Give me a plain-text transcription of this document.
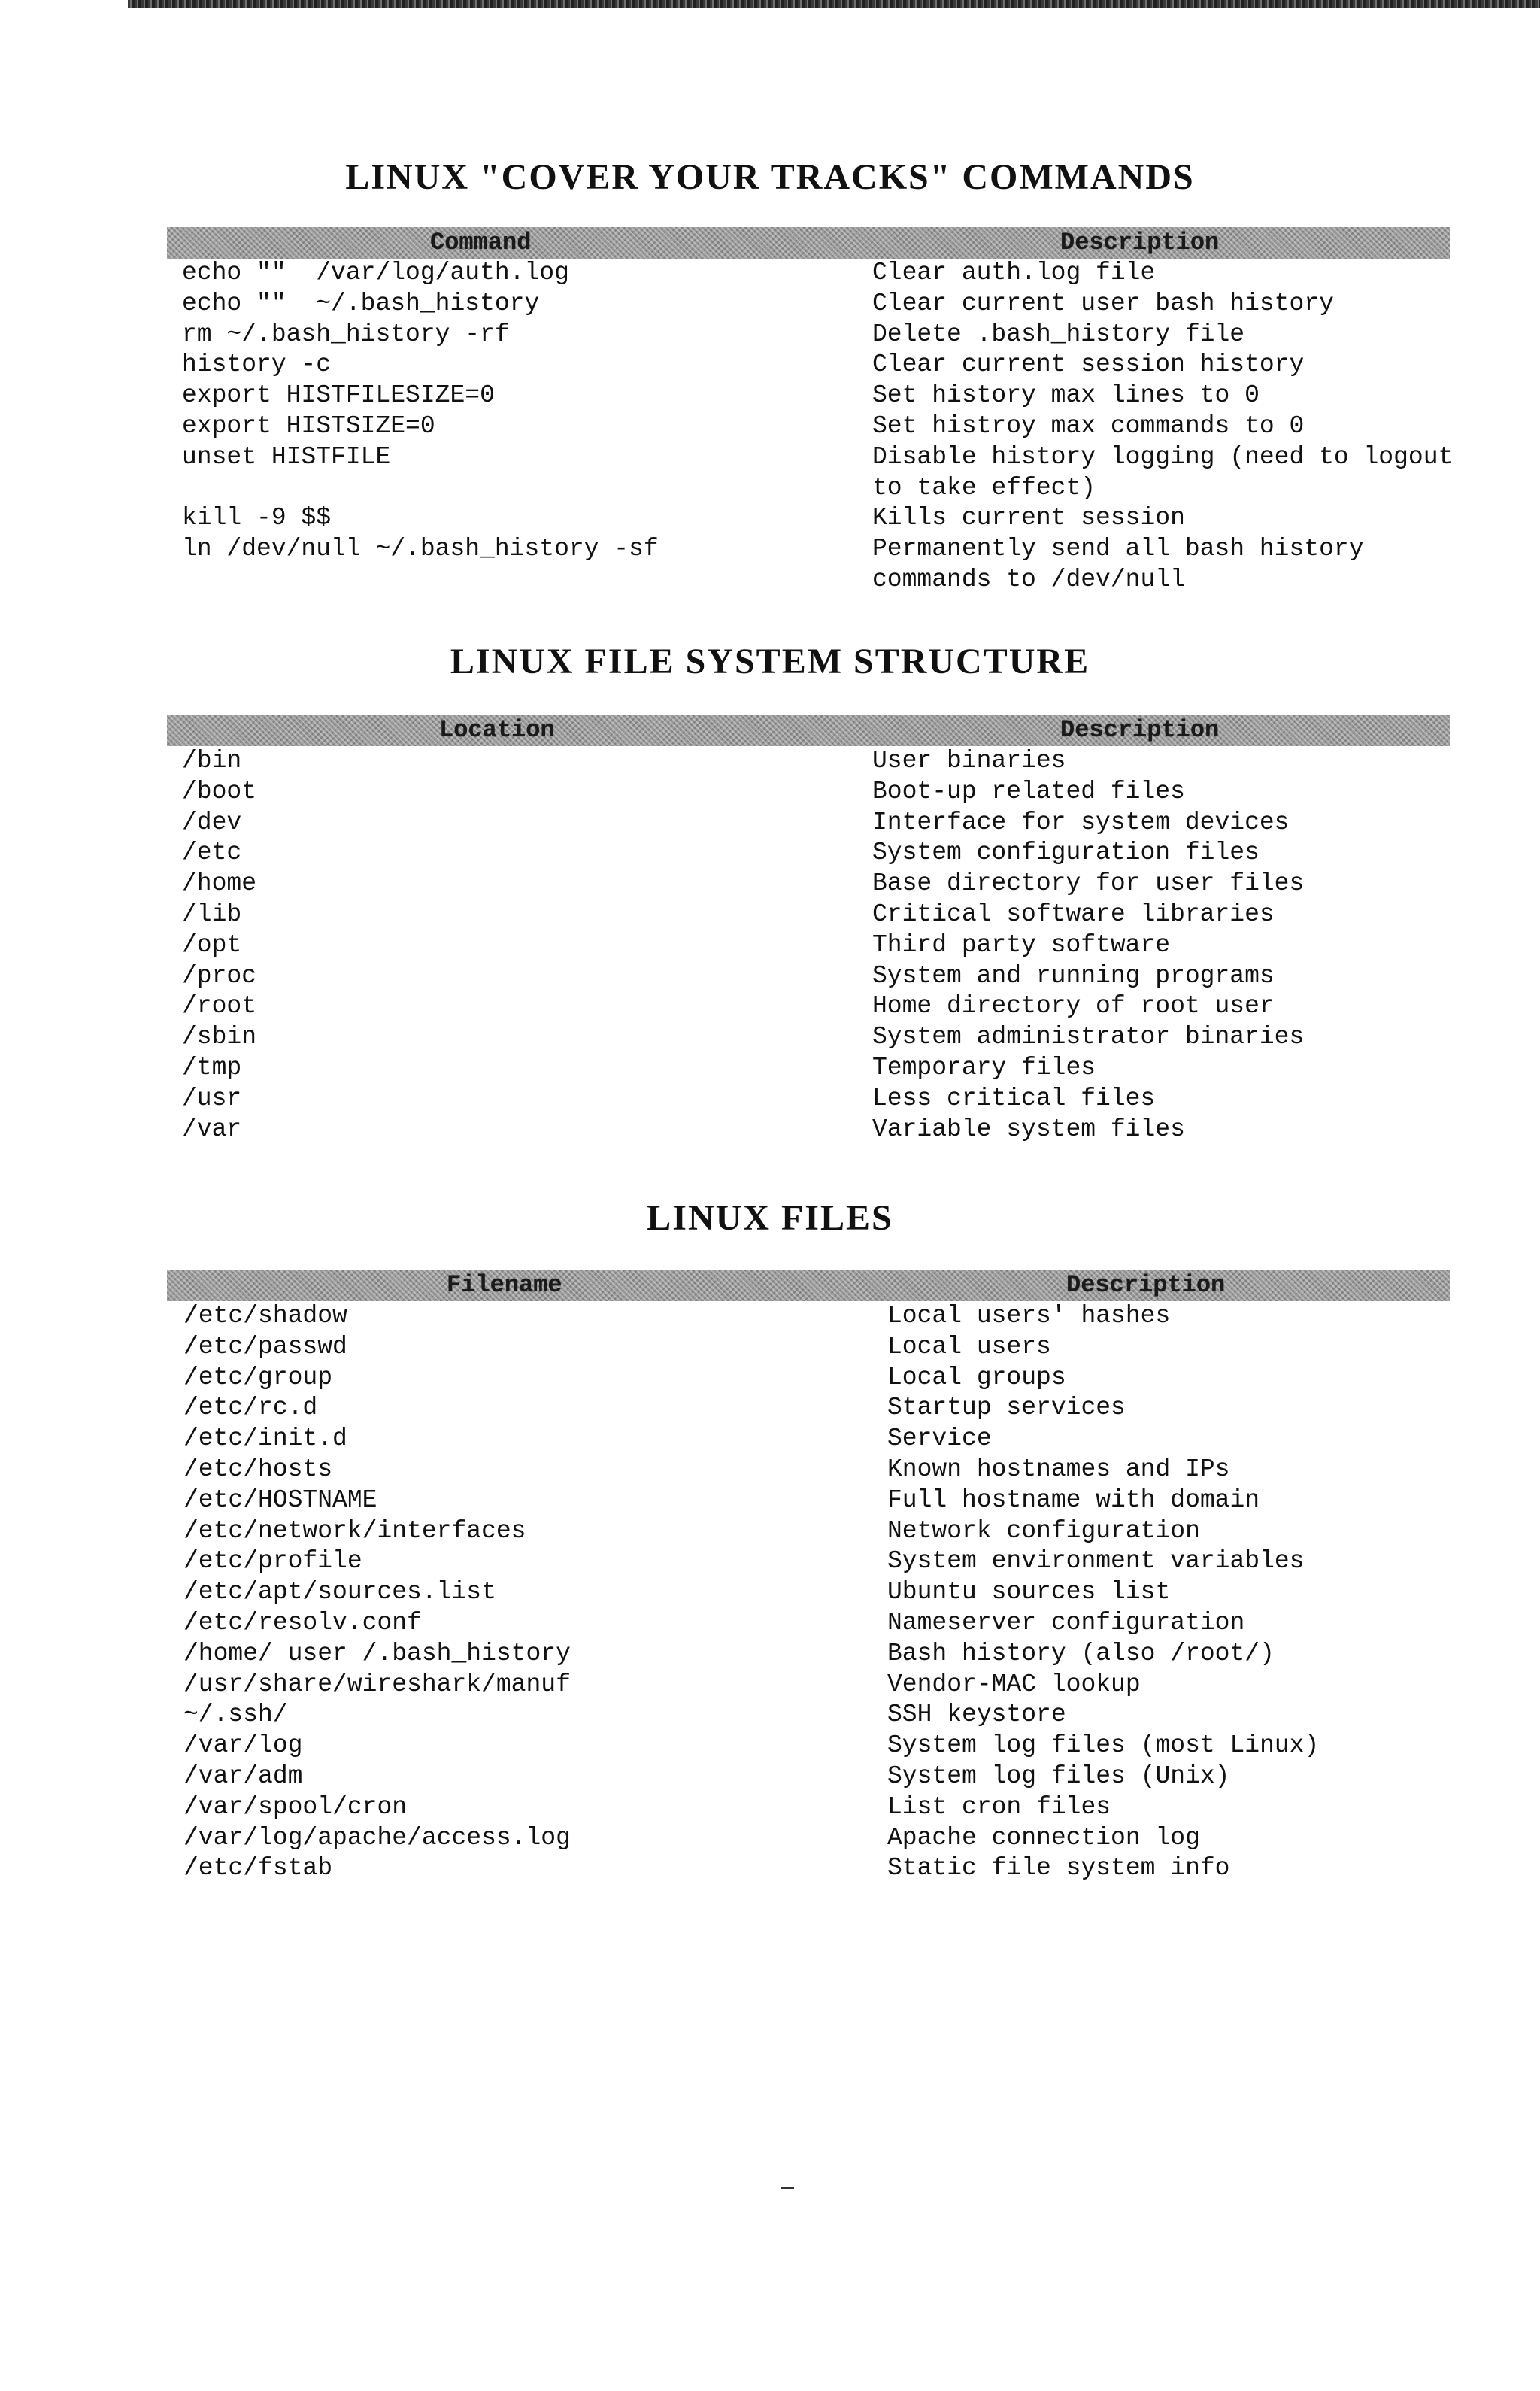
LINUX "COVER YOUR TRACKS" COMMANDS
Command	Description
echo ""  /var/log/auth.log	Clear auth.log file
echo ""  ~/.bash_history	Clear current user bash history
rm ~/.bash_history -rf	Delete .bash_history file
history -c	Clear current session history
export HISTFILESIZE=0	Set history max lines to 0
export HISTSIZE=0	Set histroy max commands to 0
unset HISTFILE	Disable history logging (need to logout to take effect)
kill -9 $$	Kills current session
ln /dev/null ~/.bash_history -sf	Permanently send all bash history commands to /dev/null
LINUX FILE SYSTEM STRUCTURE
Location	Description
/bin	User binaries
/boot	Boot-up related files
/dev	Interface for system devices
/etc	System configuration files
/home	Base directory for user files
/lib	Critical software libraries
/opt	Third party software
/proc	System and running programs
/root	Home directory of root user
/sbin	System administrator binaries
/tmp	Temporary files
/usr	Less critical files
/var	Variable system files
LINUX FILES
Filename	Description
/etc/shadow	Local users' hashes
/etc/passwd	Local users
/etc/group	Local groups
/etc/rc.d	Startup services
/etc/init.d	Service
/etc/hosts	Known hostnames and IPs
/etc/HOSTNAME	Full hostname with domain
/etc/network/interfaces	Network configuration
/etc/profile	System environment variables
/etc/apt/sources.list	Ubuntu sources list
/etc/resolv.conf	Nameserver configuration
/home/ user /.bash_history	Bash history (also /root/)
/usr/share/wireshark/manuf	Vendor-MAC lookup
~/.ssh/	SSH keystore
/var/log	System log files (most Linux)
/var/adm	System log files (Unix)
/var/spool/cron	List cron files
/var/log/apache/access.log	Apache connection log
/etc/fstab	Static file system info
